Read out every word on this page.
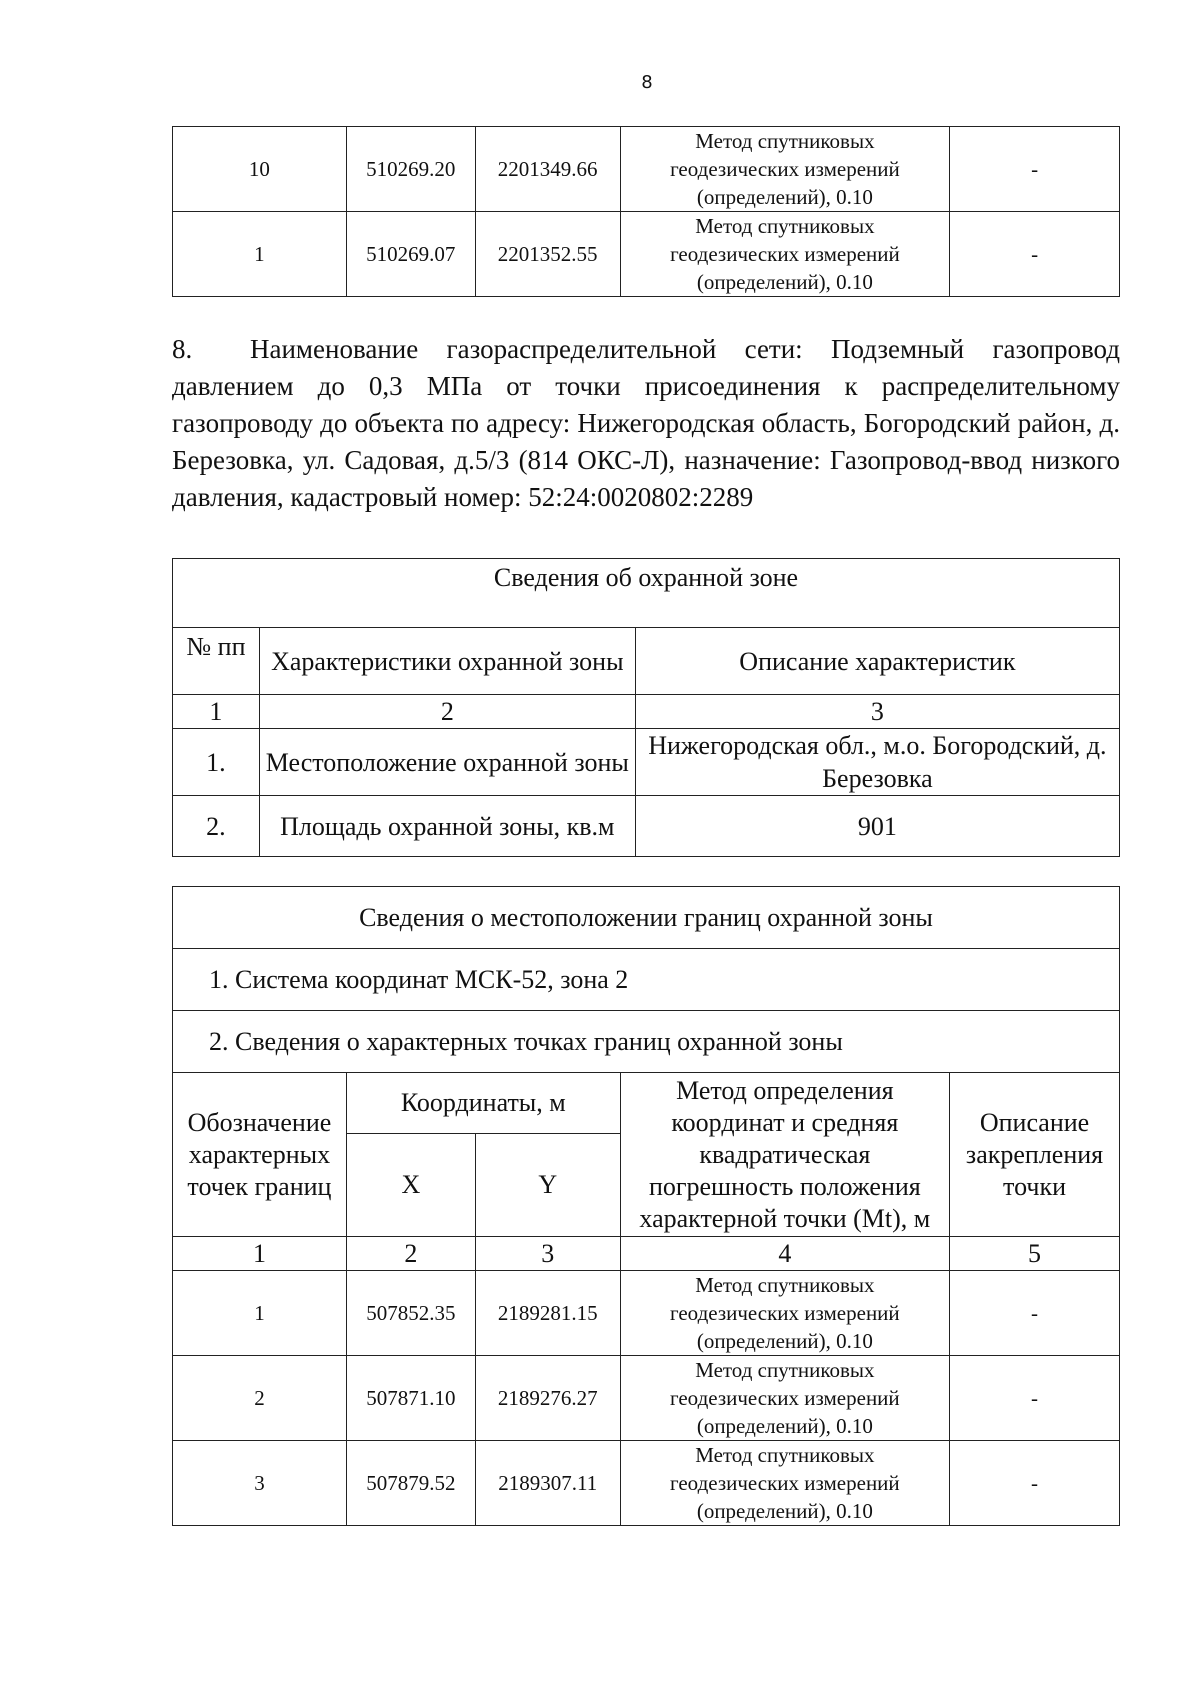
8
10	510269.20	2201349.66	Метод спутниковых
геодезических измерений
(определений), 0.10	-
1	510269.07	2201352.55	Метод спутниковых
геодезических измерений
(определений), 0.10	-

8. Наименование газораспределительной сети: Подземный газопровод давлением до 0,3 МПа от точки присоединения к распределительному газопроводу до объекта по адресу: Нижегородская область, Богородский район, д. Березовка, ул. Садовая, д.5/3 (814 ОКС-Л), назначение: Газопровод-ввод низкого давления, кадастровый номер: 52:24:0020802:2289

Сведения об охранной зоне		
№ пп	Характеристики охранной зоны	Описание характеристик
1	2	3
1.	Местоположение охранной зоны	Нижегородская обл., м.о. Богородский, д. Березовка
2.	Площадь охранной зоны, кв.м	901
Сведения о местоположении границ охранной зоны				
1. Система координат МСК-52, зона 2				
2. Сведения о характерных точках границ охранной зоны				
Обозначение характерных точек границ	Координаты, м		Метод определения координат и средняя квадратическая погрешность положения характерной точки (Mt), м	Описание закрепления точки
	X	Y		
1	2	3	4	5
1	507852.35	2189281.15	Метод спутниковых
геодезических измерений
(определений), 0.10	-
2	507871.10	2189276.27	Метод спутниковых
геодезических измерений
(определений), 0.10	-
3	507879.52	2189307.11	Метод спутниковых
геодезических измерений
(определений), 0.10	-
